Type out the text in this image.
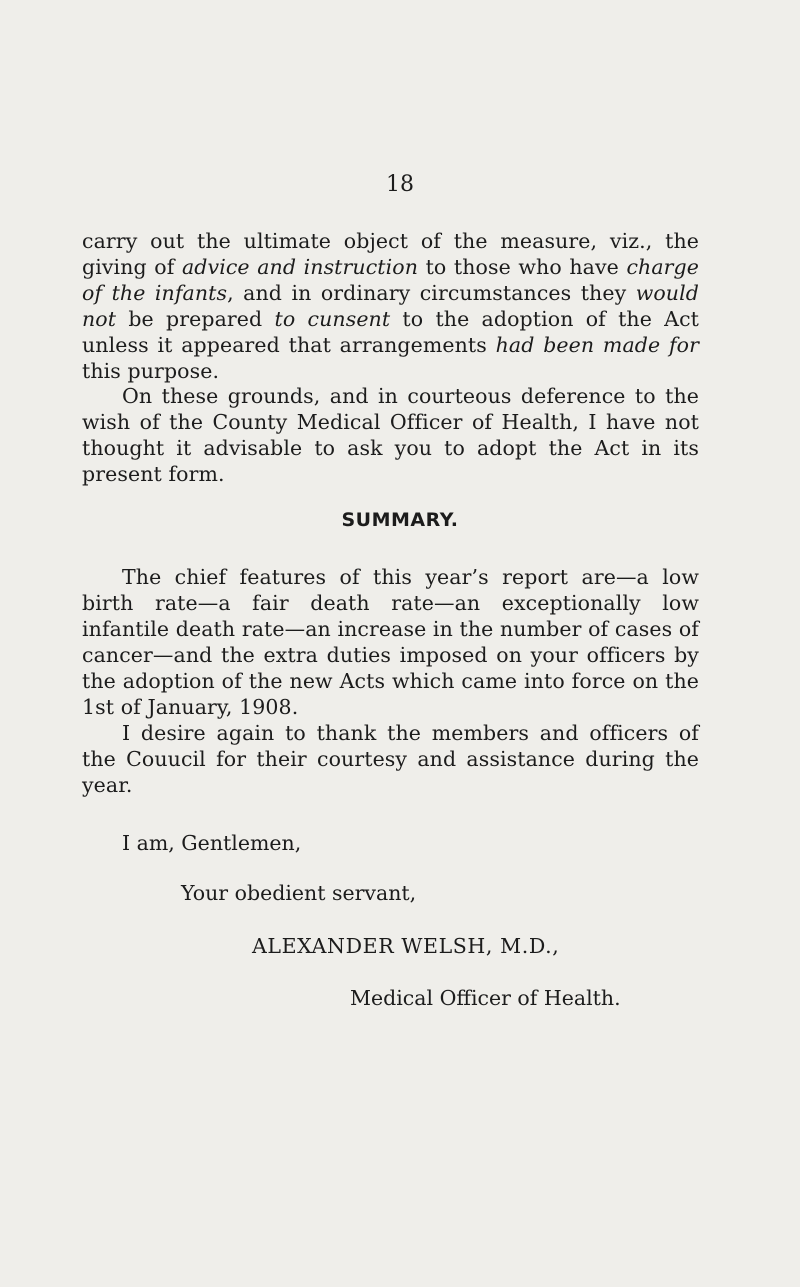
18

carry out the ultimate object of the measure, viz., the giving of advice and instruction to those who have charge of the infants, and in ordinary circumstances they would not be prepared to cunsent to the adoption of the Act unless it appeared that arrangements had been made for this purpose.

On these grounds, and in courteous deference to the wish of the County Medical Officer of Health, I have not thought it advisable to ask you to adopt the Act in its present form.

SUMMARY.

The chief features of this year’s report are—a low birth rate—a fair death rate—an exceptionally low infantile death rate—an increase in the number of cases of cancer—and the extra duties imposed on your officers by the adoption of the new Acts which came into force on the 1st of January, 1908.

I desire again to thank the members and officers of the Couucil for their courtesy and assistance during the year.

I am, Gentlemen,
Your obedient servant,
ALEXANDER WELSH, M.D.,
Medical Officer of Health.
